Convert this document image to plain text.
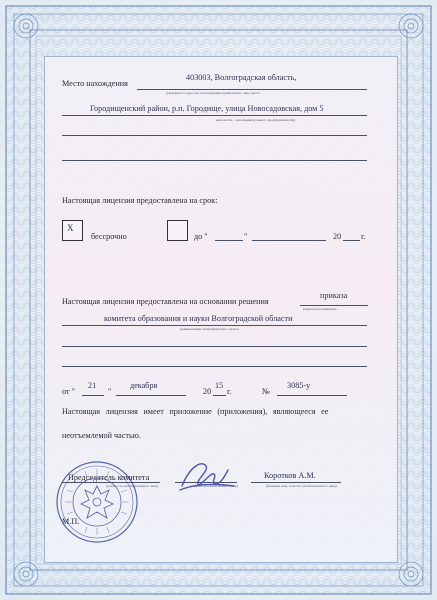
Место нахождения
403003, Волгоградская область,
(указывается адрес места нахождения юридического лица (места
Городищенский район, р.п. Городище, улица Новосадовская, дом 5
жительства – для индивидуального предпринимателя))
Настоящая лицензия предоставлена на срок:
Х
бессрочно	до "	"	20 г.
Настоящая лицензия предоставлена на основании решения
приказа
(приказ/распоряжение)
комитета образования и науки Волгоградской области
(наименование лицензирующего органа)
от "
21
"
декабря
20
15
г.	№
3085-у
Настоящая лицензия имеет приложение (приложения), являющееся ее
неотъемлемой частью.
Председатель комитета
(должность уполномоченного лица)	(подпись уполномоченного лица)
Коротков А.М.
(фамилия, имя, отчество уполномоченного лица)
М.П.
